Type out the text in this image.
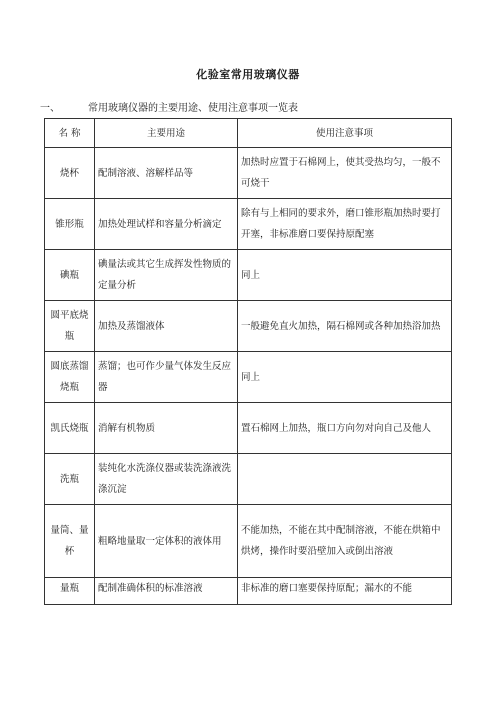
化验室常用玻璃仪器
一、	常用玻璃仪器的主要用途、使用注意事项一览表
名 称	主要用途	使用注意事项
烧杯	配制溶液、溶解样品等	加热时应置于石棉网上，使其受热均匀，一般不可烧干
锥形瓶	加热处理试样和容量分析滴定	除有与上相同的要求外，磨口锥形瓶加热时要打开塞，非标准磨口要保持原配塞
碘瓶	碘量法或其它生成挥发性物质的定量分析	同上
圆平底烧瓶	加热及蒸馏液体	一般避免直火加热，隔石棉网或各种加热浴加热
圆底蒸馏烧瓶	蒸馏；也可作少量气体发生反应器	同上
凯氏烧瓶	消解有机物质	置石棉网上加热，瓶口方向勿对向自己及他人
洗瓶	装纯化水洗涤仪器或装洗涤液洗涤沉淀	
量筒、量杯	粗略地量取一定体积的液体用	不能加热，不能在其中配制溶液，不能在烘箱中烘烤，操作时要沿壁加入或倒出溶液
量瓶	配制准确体积的标准溶液	非标准的磨口塞要保持原配；漏水的不能
